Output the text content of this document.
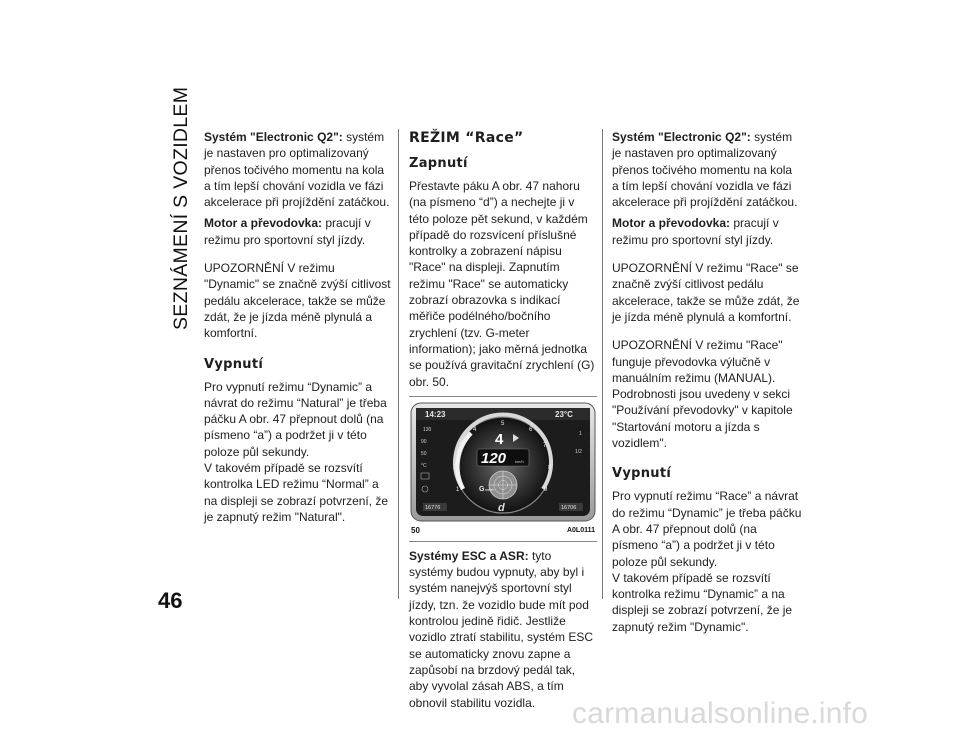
SEZNÁMENÍ S VOZIDLEM
46

Systém "Electronic Q2": systém je nastaven pro optimalizovaný přenos točivého momentu na kola a tím lepší chování vozidla ve fázi akcelerace při projíždění zatáčkou.

Motor a převodovka: pracují v režimu pro sportovní styl jízdy.

UPOZORNĚNÍ V režimu "Dynamic" se značně zvýší citlivost pedálu akcelerace, takže se může zdát, že je jízda méně plynulá a komfortní.

Vypnutí

Pro vypnutí režimu “Dynamic” a návrat do režimu “Natural” je třeba páčku A obr. 47 přepnout dolů (na písmeno “a”) a podržet ji v této poloze půl sekundy.

V takovém případě se rozsvítí kontrolka LED režimu “Normal” a na displeji se zobrazí potvrzení, že je zapnutý režim "Natural".

REŽIM “Race”
Zapnutí

Přestavte páku A obr. 47 nahoru (na písmeno “d”) a nechejte ji v této poloze pět sekund, v každém případě do rozsvícení příslušné kontrolky a zobrazení nápisu "Race" na displeji. Zapnutím režimu "Race" se automaticky zobrazí obrazovka s indikací měřiče podélného/bočního zrychlení (tzv. G-meter information); jako měrná jednotka se používá gravitační zrychlení (G) obr. 50.

14:23	23°C
130
90
50
°C
1
1/2
1
2
3
4
5
6
7
8
9
4
120 km/h
G meter
d
16776	16706
50	A0L0111

Systémy ESC a ASR: tyto systémy budou vypnuty, aby byl i systém nanejvýš sportovní styl jízdy, tzn. že vozidlo bude mít pod kontrolou jedině řidič. Jestliže vozidlo ztratí stabilitu, systém ESC se automaticky znovu zapne a zapůsobí na brzdový pedál tak, aby vyvolal zásah ABS, a tím obnovil stabilitu vozidla.

Systém "Electronic Q2": systém je nastaven pro optimalizovaný přenos točivého momentu na kola a tím lepší chování vozidla ve fázi akcelerace při projíždění zatáčkou.

Motor a převodovka: pracují v režimu pro sportovní styl jízdy.

UPOZORNĚNÍ V režimu "Race" se značně zvýší citlivost pedálu akcelerace, takže se může zdát, že je jízda méně plynulá a komfortní.

UPOZORNĚNÍ V režimu "Race" funguje převodovka výlučně v manuálním režimu (MANUAL). Podrobnosti jsou uvedeny v sekci "Používání převodovky" v kapitole "Startování motoru a jízda s vozidlem".

Vypnutí

Pro vypnutí režimu “Race” a návrat do režimu “Dynamic” je třeba páčku A obr. 47 přepnout dolů (na písmeno “a”) a podržet ji v této poloze půl sekundy.

V takovém případě se rozsvítí kontrolka režimu “Dynamic” a na displeji se zobrazí potvrzení, že je zapnutý režim "Dynamic".

carmanualsonline.info
